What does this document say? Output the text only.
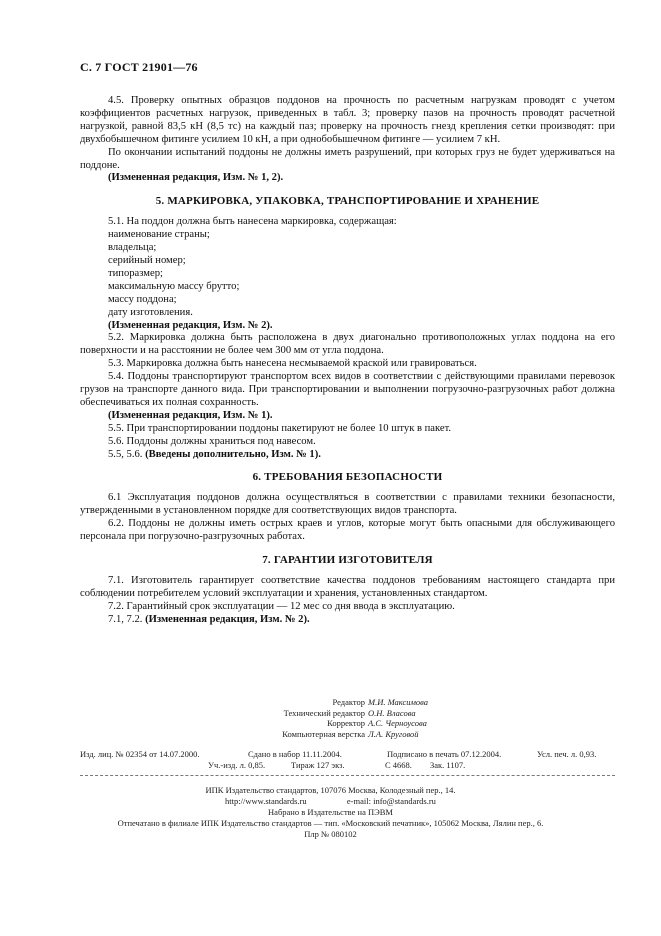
С. 7 ГОСТ 21901—76

4.5. Проверку опытных образцов поддонов на прочность по расчетным нагрузкам проводят с учетом коэффициентов расчетных нагрузок, приведенных в табл. 3; проверку пазов на прочность проводят расчетной нагрузкой, равной 83,5 кН (8,5 тс) на каждый паз; проверку на прочность гнезд крепления сетки производят: при двухбобышечном фитинге усилием 10 кН, а при однобобышечном фитинге — усилием 7 кН.

По окончании испытаний поддоны не должны иметь разрушений, при которых груз не будет удерживаться на поддоне.

(Измененная редакция, Изм. № 1, 2).

5. МАРКИРОВКА, УПАКОВКА, ТРАНСПОРТИРОВАНИЕ И ХРАНЕНИЕ

5.1. На поддон должна быть нанесена маркировка, содержащая:

наименование страны;

владельца;

серийный номер;

типоразмер;

максимальную массу брутто;

массу поддона;

дату изготовления.

(Измененная редакция, Изм. № 2).

5.2. Маркировка должна быть расположена в двух диагонально противоположных углах поддона на его поверхности и на расстоянии не более чем 300 мм от угла поддона.

5.3. Маркировка должна быть нанесена несмываемой краской или гравироваться.

5.4. Поддоны транспортируют транспортом всех видов в соответствии с действующими правилами перевозок грузов на транспорте данного вида. При транспортировании и выполнении погрузочно-разгрузочных работ должна обеспечиваться их полная сохранность.

(Измененная редакция, Изм. № 1).

5.5. При транспортировании поддоны пакетируют не более 10 штук в пакет.

5.6. Поддоны должны храниться под навесом.

5.5, 5.6. (Введены дополнительно, Изм. № 1).

6. ТРЕБОВАНИЯ БЕЗОПАСНОСТИ

6.1 Эксплуатация поддонов должна осуществляться в соответствии с правилами техники безопасности, утвержденными в установленном порядке для соответствующих видов транспорта.

6.2. Поддоны не должны иметь острых краев и углов, которые могут быть опасными для обслуживающего персонала при погрузочно-разгрузочных работах.

7. ГАРАНТИИ ИЗГОТОВИТЕЛЯ

7.1. Изготовитель гарантирует соответствие качества поддонов требованиям настоящего стандарта при соблюдении потребителем условий эксплуатации и хранения, установленных стандартом.

7.2. Гарантийный срок эксплуатации — 12 мес со дня ввода в эксплуатацию.

7.1, 7.2. (Измененная редакция, Изм. № 2).

Редактор М.И. Максимова
Технический редактор О.Н. Власова
Корректор А.С. Черноусова
Компьютерная верстка Л.А. Круговой
Изд. лиц. № 02354 от 14.07.2000.	Сдано в набор 11.11.2004.	Подписано в печать 07.12.2004.	Усл. печ. л. 0,93.
Уч.-изд. л. 0,85.	Тираж 127 экз.	С 4668. Зак. 1107.
ИПК Издательство стандартов, 107076 Москва, Колодезный пер., 14.
http://www.standards.ru	e-mail: info@standards.ru
Набрано в Издательстве на ПЭВМ
Отпечатано в филиале ИПК Издательство стандартов — тип. «Московский печатник», 105062 Москва, Лялин пер., 6.
Плр № 080102
